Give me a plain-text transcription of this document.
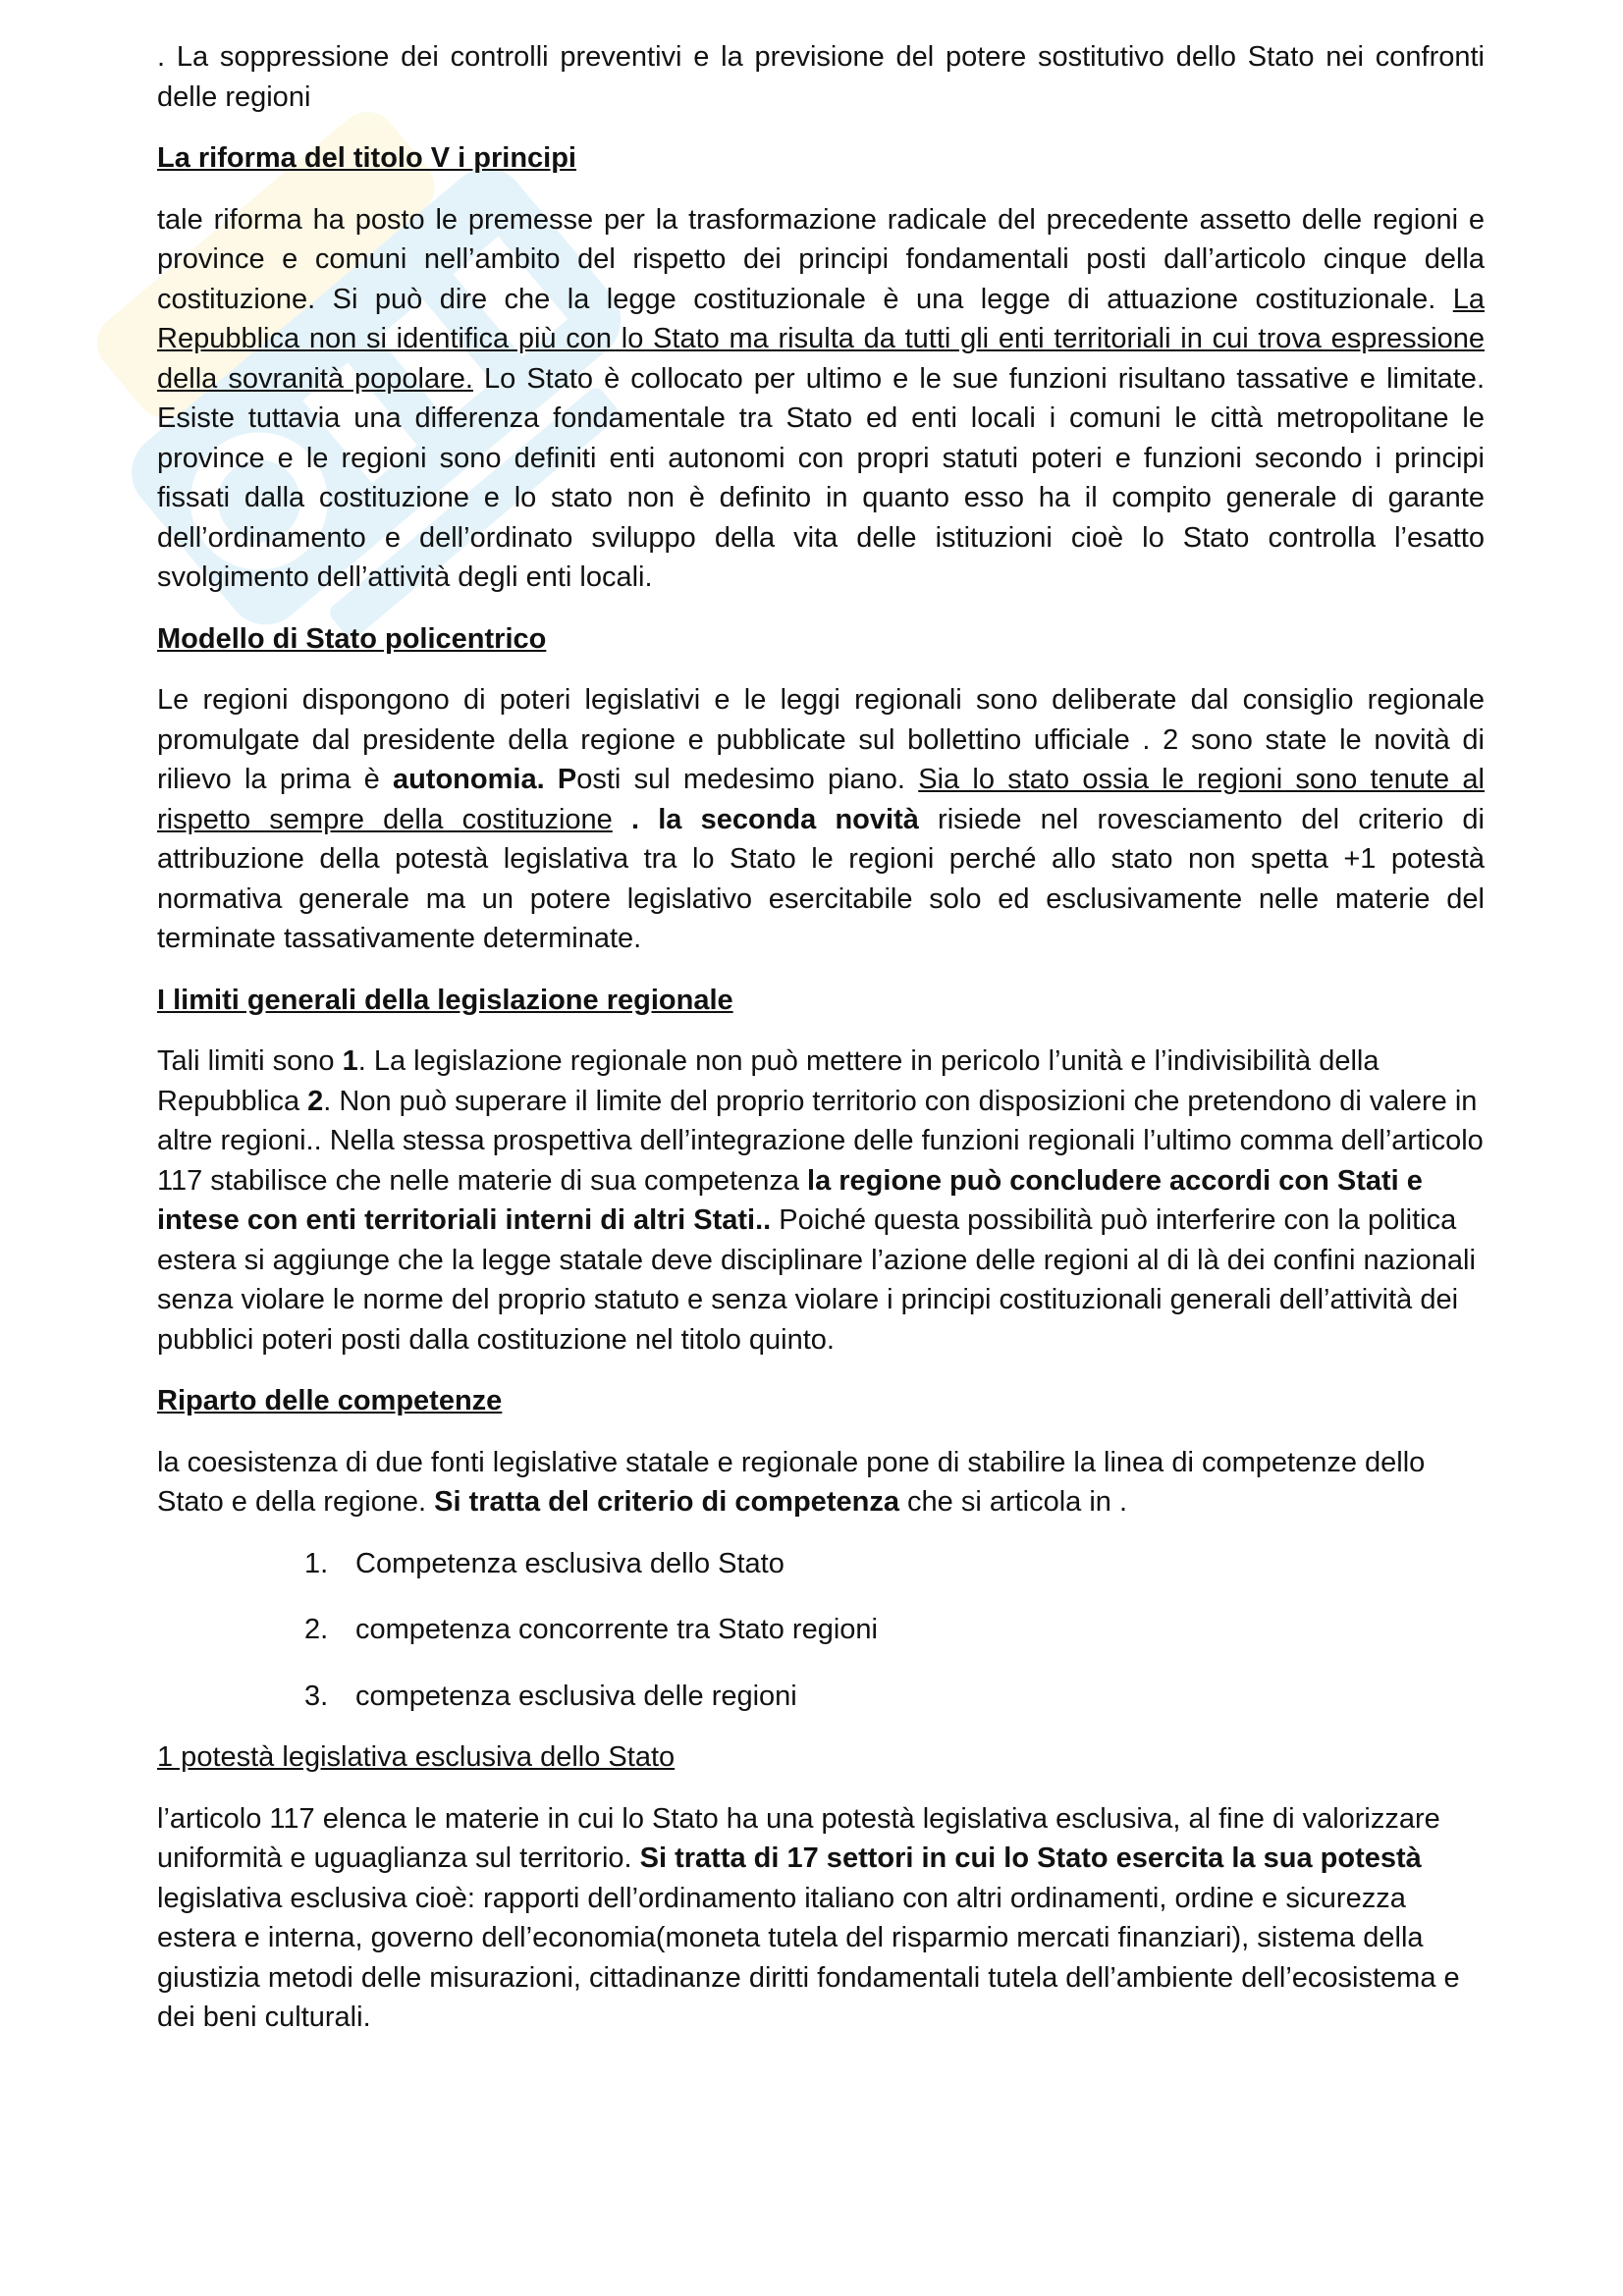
. La soppressione dei controlli preventivi e la previsione del potere sostitutivo dello Stato nei confronti delle regioni

La riforma del titolo V i principi

tale riforma ha posto le premesse per la trasformazione radicale del precedente assetto delle regioni e province e comuni nell’ambito del rispetto dei principi fondamentali posti dall’articolo cinque della costituzione. Si può dire che la legge costituzionale è una legge di attuazione costituzionale. La Repubblica non si identifica più con lo Stato ma risulta da tutti gli enti territoriali in cui trova espressione della sovranità popolare. Lo Stato è collocato per ultimo e le sue funzioni risultano tassative e limitate. Esiste tuttavia una differenza fondamentale tra Stato ed enti locali i comuni le città metropolitane le province e le regioni sono definiti enti autonomi con propri statuti poteri e funzioni secondo i principi fissati dalla costituzione e lo stato non è definito in quanto esso ha il compito generale di garante dell’ordinamento e dell’ordinato sviluppo della vita delle istituzioni cioè lo Stato controlla l’esatto svolgimento dell’attività degli enti locali.

Modello di Stato policentrico

Le regioni dispongono di poteri legislativi e le leggi regionali sono deliberate dal consiglio regionale promulgate dal presidente della regione e pubblicate sul bollettino ufficiale . 2 sono state le novità di rilievo la prima è autonomia. Posti sul medesimo piano. Sia lo stato ossia le regioni sono tenute al rispetto sempre della costituzione . la seconda novità risiede nel rovesciamento del criterio di attribuzione della potestà legislativa tra lo Stato le regioni perché allo stato non spetta +1 potestà normativa generale ma un potere legislativo esercitabile solo ed esclusivamente nelle materie del terminate tassativamente determinate.

I limiti generali della legislazione regionale

Tali limiti sono 1. La legislazione regionale non può mettere in pericolo l’unità e l’indivisibilità della Repubblica 2. Non può superare il limite del proprio territorio con disposizioni che pretendono di valere in altre regioni.. Nella stessa prospettiva dell’integrazione delle funzioni regionali l’ultimo comma dell’articolo 117 stabilisce che nelle materie di sua competenza la regione può concludere accordi con Stati e intese con enti territoriali interni di altri Stati.. Poiché questa possibilità può interferire con la politica estera si aggiunge che la legge statale deve disciplinare l’azione delle regioni al di là dei confini nazionali senza violare le norme del proprio statuto e senza violare i principi costituzionali generali dell’attività dei pubblici poteri posti dalla costituzione nel titolo quinto.

Riparto delle competenze

la coesistenza di due fonti legislative statale e regionale pone di stabilire la linea di competenze dello Stato e della regione. Si tratta del criterio di competenza che si articola in .

1. Competenza esclusiva dello Stato
2. competenza concorrente tra Stato regioni
3. competenza esclusiva delle regioni

1 potestà legislativa esclusiva dello Stato

l’articolo 117 elenca le materie in cui lo Stato ha una potestà legislativa esclusiva, al fine di valorizzare uniformità e uguaglianza sul territorio. Si tratta di 17 settori in cui lo Stato esercita la sua potestà legislativa esclusiva cioè: rapporti dell’ordinamento italiano con altri ordinamenti, ordine e sicurezza estera e interna, governo dell’economia(moneta tutela del risparmio mercati finanziari), sistema della giustizia metodi delle misurazioni, cittadinanze diritti fondamentali tutela dell’ambiente dell’ecosistema e dei beni culturali.
